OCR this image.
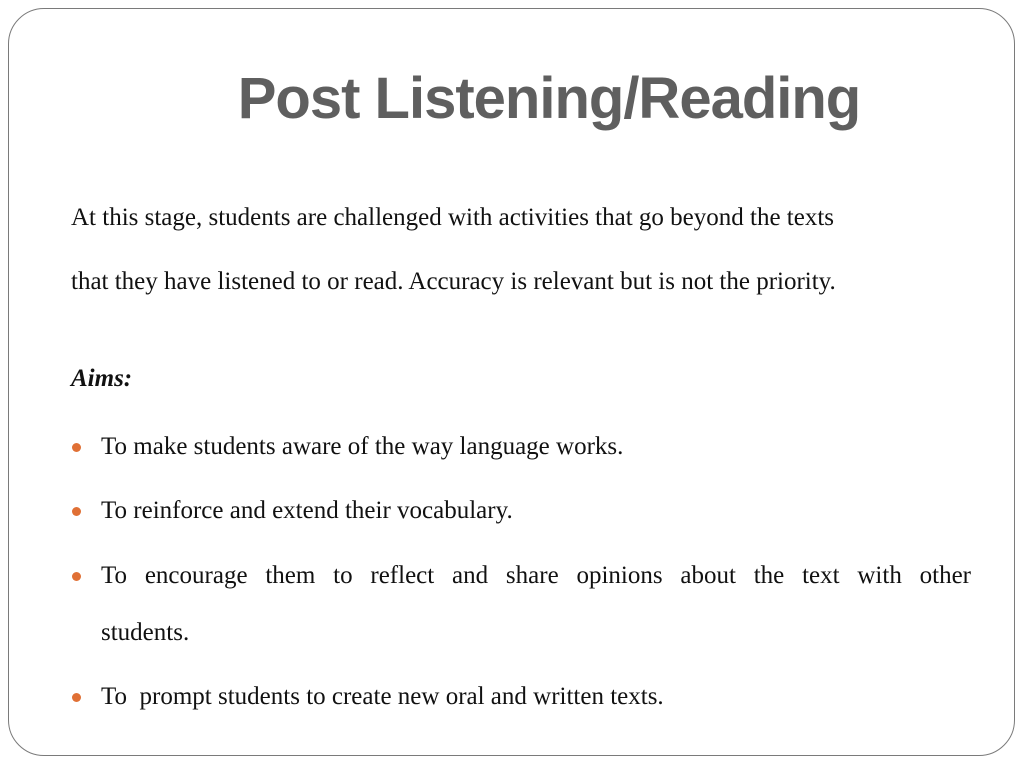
Post Listening/Reading
At this stage, students are challenged with activities that go beyond the texts
that they have listened to or read. Accuracy is relevant but is not the priority.
Aims:
To make students aware of the way language works.
To reinforce and extend their vocabulary.
To encourage them to reflect and share opinions about the text with other
students.
To  prompt students to create new oral and written texts.
